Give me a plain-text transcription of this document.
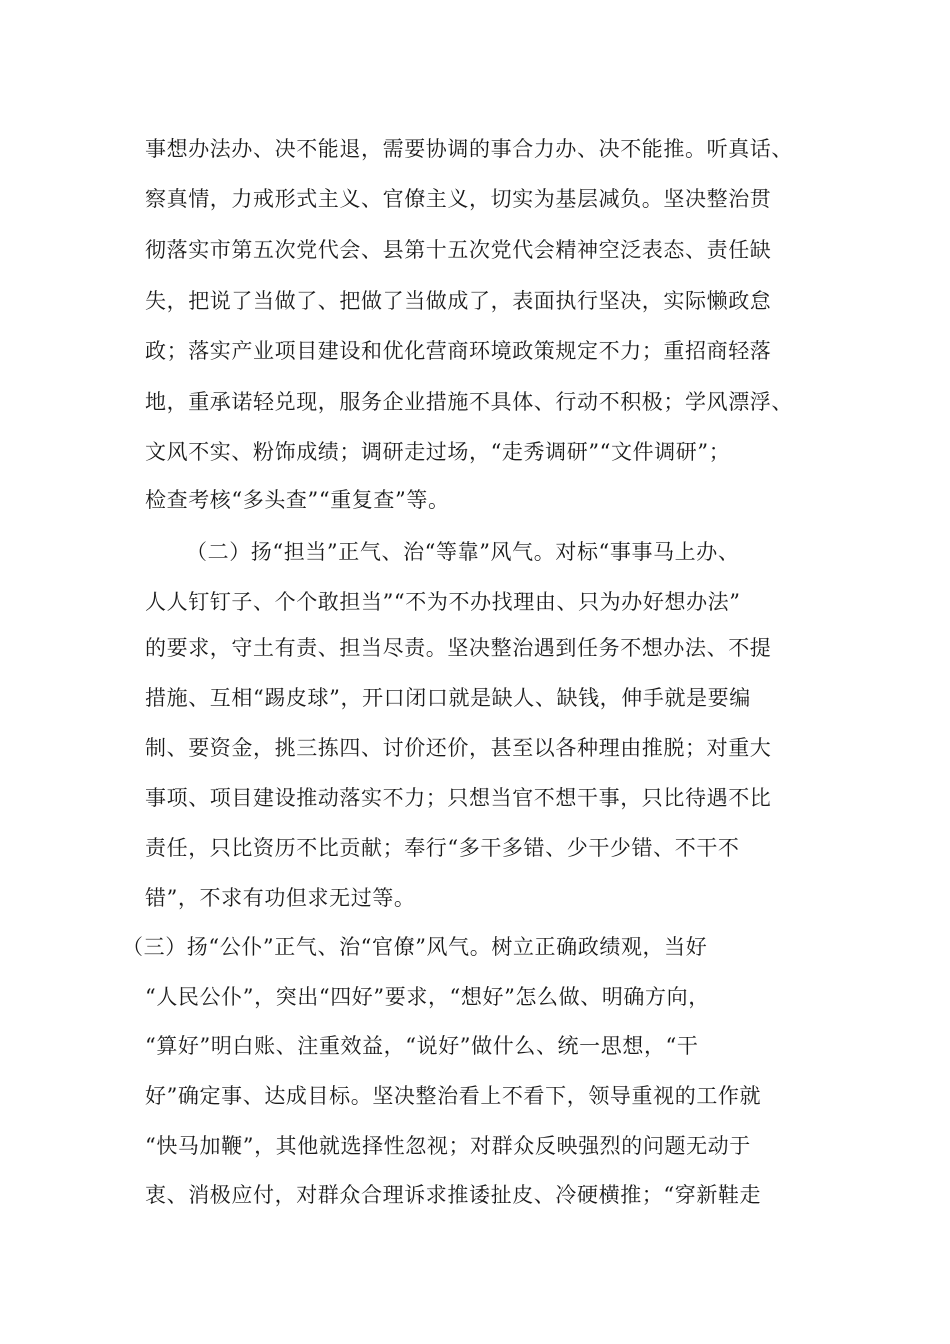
事想办法办、决不能退，需要协调的事合力办、决不能推。听真话、
察真情，力戒形式主义、官僚主义，切实为基层减负。坚决整治贯
彻落实市第五次党代会、县第十五次党代会精神空泛表态、责任缺
失，把说了当做了、把做了当做成了，表面执行坚决，实际懒政怠
政；落实产业项目建设和优化营商环境政策规定不力；重招商轻落
地，重承诺轻兑现，服务企业措施不具体、行动不积极；学风漂浮、
文风不实、粉饰成绩；调研走过场，“走秀调研”“文件调研”；
检查考核“多头查”“重复查”等。
（二）扬“担当”正气、治“等靠”风气。对标“事事马上办、
人人钉钉子、个个敢担当”“不为不办找理由、只为办好想办法”
的要求，守土有责、担当尽责。坚决整治遇到任务不想办法、不提
措施、互相“踢皮球”，开口闭口就是缺人、缺钱，伸手就是要编
制、要资金，挑三拣四、讨价还价，甚至以各种理由推脱；对重大
事项、项目建设推动落实不力；只想当官不想干事，只比待遇不比
责任，只比资历不比贡献；奉行“多干多错、少干少错、不干不
错”，不求有功但求无过等。
（三）扬“公仆”正气、治“官僚”风气。树立正确政绩观，当好
“人民公仆”，突出“四好”要求，“想好”怎么做、明确方向，
“算好”明白账、注重效益，“说好”做什么、统一思想，“干
好”确定事、达成目标。坚决整治看上不看下，领导重视的工作就
“快马加鞭”，其他就选择性忽视；对群众反映强烈的问题无动于
衷、消极应付，对群众合理诉求推诿扯皮、冷硬横推；“穿新鞋走
